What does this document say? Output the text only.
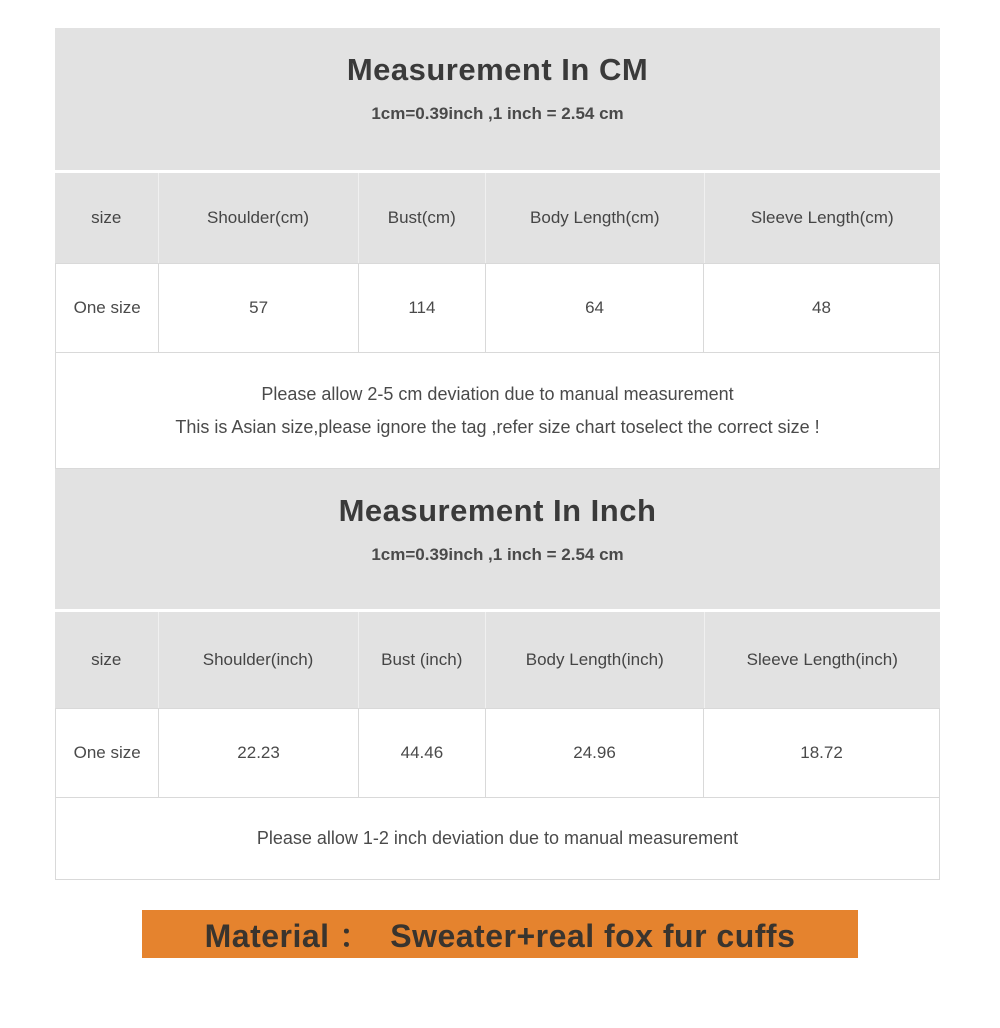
Measurement In CM
1cm=0.39inch ,1 inch = 2.54 cm
size	Shoulder(cm)	Bust(cm)	Body Length(cm)	Sleeve Length(cm)
One size	57	114	64	48
Please allow 2-5 cm deviation due to manual measurement
This is Asian size,please ignore the tag ,refer size chart toselect the correct size !
Measurement In Inch
1cm=0.39inch ,1 inch = 2.54 cm
size	Shoulder(inch)	Bust (inch)	Body Length(inch)	Sleeve Length(inch)
One size	22.23	44.46	24.96	18.72
Please allow 1-2 inch deviation due to manual measurement
Material ：  Sweater+real fox fur cuffs
